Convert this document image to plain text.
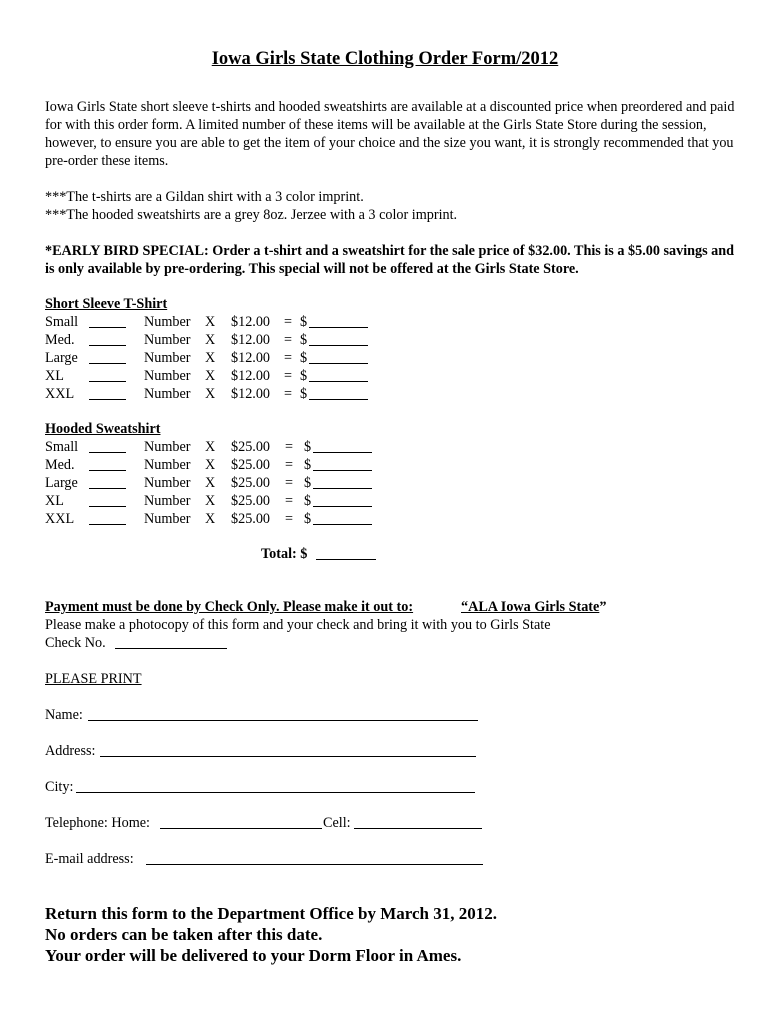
Iowa Girls State Clothing Order Form/2012
Iowa Girls State short sleeve t-shirts and hooded sweatshirts are available at a discounted price when preordered and paid for with this order form. A limited number of these items will be available at the Girls State Store during the session, however, to ensure you are able to get the item of your choice and the size you want, it is strongly recommended that you pre-order these items.
***The t-shirts are a Gildan shirt with a 3 color imprint.
***The hooded sweatshirts are a grey 8oz. Jerzee with a 3 color imprint.
*EARLY BIRD SPECIAL: Order a t-shirt and a sweatshirt for the sale price of $32.00. This is a $5.00 savings and is only available by pre-ordering. This special will not be offered at the Girls State Store.
Short Sleeve T-Shirt
Small	Number X $12.00 = $
Med.	Number X $12.00 = $
Large	Number X $12.00 = $
XL	Number X $12.00 = $
XXL	Number X $12.00 = $
Hooded Sweatshirt
Small	Number X $25.00 = $
Med.	Number X $25.00 = $
Large	Number X $25.00 = $
XL	Number X $25.00 = $
XXL	Number X $25.00 = $
Total: $
Payment must be done by Check Only. Please make it out to:	“ALA Iowa Girls State”
Please make a photocopy of this form and your check and bring it with you to Girls State
Check No.
PLEASE PRINT
Name:
Address:
City:
Telephone: Home:	Cell:
E-mail address:
Return this form to the Department Office by March 31, 2012.
No orders can be taken after this date.
Your order will be delivered to your Dorm Floor in Ames.
